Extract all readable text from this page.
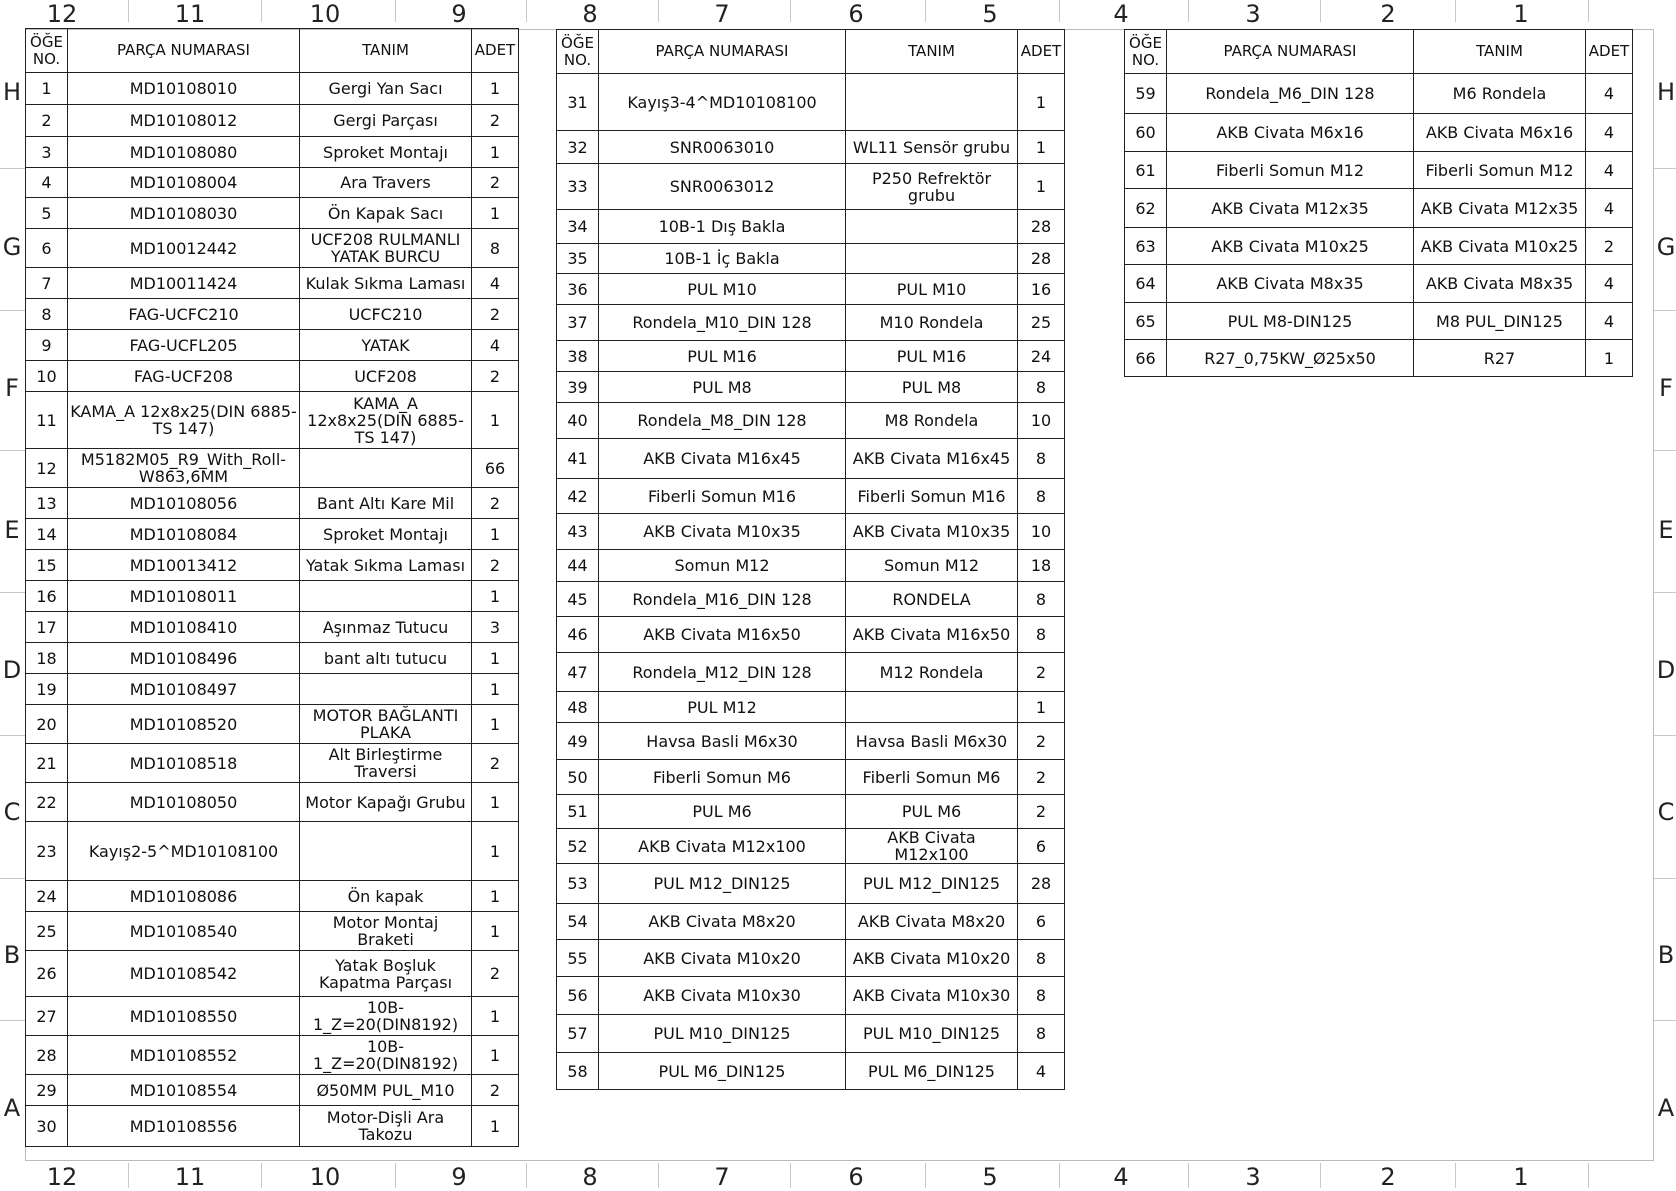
12
12
11
11
10
10
9
9
8
8
7
7
6
6
5
5
4
4
3
3
2
2
1
1
H	H
G	G
F	F
E	E
D	D
C	C
B	B
A	A
ÖĞE NO.	PARÇA NUMARASI	TANIM	ADET
1	MD10108010	Gergi Yan Sacı	1
2	MD10108012	Gergi Parçası	2
3	MD10108080	Sproket Montajı	1
4	MD10108004	Ara Travers	2
5	MD10108030	Ön Kapak Sacı	1
6	MD10012442	UCF208 RULMANLI YATAK BURCU	8
7	MD10011424	Kulak Sıkma Laması	4
8	FAG-UCFC210	UCFC210	2
9	FAG-UCFL205	YATAK	4
10	FAG-UCF208	UCF208	2
11	KAMA_A 12x8x25(DIN 6885-TS 147)	KAMA_A 12x8x25(DIN 6885-TS 147)	1
12	M5182M05_R9_With_Roll-W863,6MM		66
13	MD10108056	Bant Altı Kare Mil	2
14	MD10108084	Sproket Montajı	1
15	MD10013412	Yatak Sıkma Laması	2
16	MD10108011		1
17	MD10108410	Aşınmaz Tutucu	3
18	MD10108496	bant altı tutucu	1
19	MD10108497		1
20	MD10108520	MOTOR BAĞLANTI PLAKA	1
21	MD10108518	Alt Birleştirme Traversi	2
22	MD10108050	Motor Kapağı Grubu	1
23	Kayış2-5^MD10108100		1
24	MD10108086	Ön kapak	1
25	MD10108540	Motor Montaj Braketi	1
26	MD10108542	Yatak Boşluk Kapatma Parçası	2
27	MD10108550	10B-1_Z=20(DIN8192)	1
28	MD10108552	10B-1_Z=20(DIN8192)	1
29	MD10108554	Ø50MM PUL_M10	2
30	MD10108556	Motor-Dişli Ara Takozu	1
ÖĞE NO.	PARÇA NUMARASI	TANIM	ADET
31	Kayış3-4^MD10108100		1
32	SNR0063010	WL11 Sensör grubu	1
33	SNR0063012	P250 Refrektör grubu	1
34	10B-1 Dış Bakla		28
35	10B-1 İç Bakla		28
36	PUL M10	PUL M10	16
37	Rondela_M10_DIN 128	M10 Rondela	25
38	PUL M16	PUL M16	24
39	PUL M8	PUL M8	8
40	Rondela_M8_DIN 128	M8 Rondela	10
41	AKB Civata M16x45	AKB Civata M16x45	8
42	Fiberli Somun M16	Fiberli Somun M16	8
43	AKB Civata M10x35	AKB Civata M10x35	10
44	Somun M12	Somun M12	18
45	Rondela_M16_DIN 128	RONDELA	8
46	AKB Civata M16x50	AKB Civata M16x50	8
47	Rondela_M12_DIN 128	M12 Rondela	2
48	PUL M12		1
49	Havsa Basli M6x30	Havsa Basli M6x30	2
50	Fiberli Somun M6	Fiberli Somun M6	2
51	PUL M6	PUL M6	2
52	AKB Civata M12x100	AKB Civata M12x100	6
53	PUL M12_DIN125	PUL M12_DIN125	28
54	AKB Civata M8x20	AKB Civata M8x20	6
55	AKB Civata M10x20	AKB Civata M10x20	8
56	AKB Civata M10x30	AKB Civata M10x30	8
57	PUL M10_DIN125	PUL M10_DIN125	8
58	PUL M6_DIN125	PUL M6_DIN125	4
ÖĞE NO.	PARÇA NUMARASI	TANIM	ADET
59	Rondela_M6_DIN 128	M6 Rondela	4
60	AKB Civata M6x16	AKB Civata M6x16	4
61	Fiberli Somun M12	Fiberli Somun M12	4
62	AKB Civata M12x35	AKB Civata M12x35	4
63	AKB Civata M10x25	AKB Civata M10x25	2
64	AKB Civata M8x35	AKB Civata M8x35	4
65	PUL M8-DIN125	M8 PUL_DIN125	4
66	R27_0,75KW_Ø25x50	R27	1
